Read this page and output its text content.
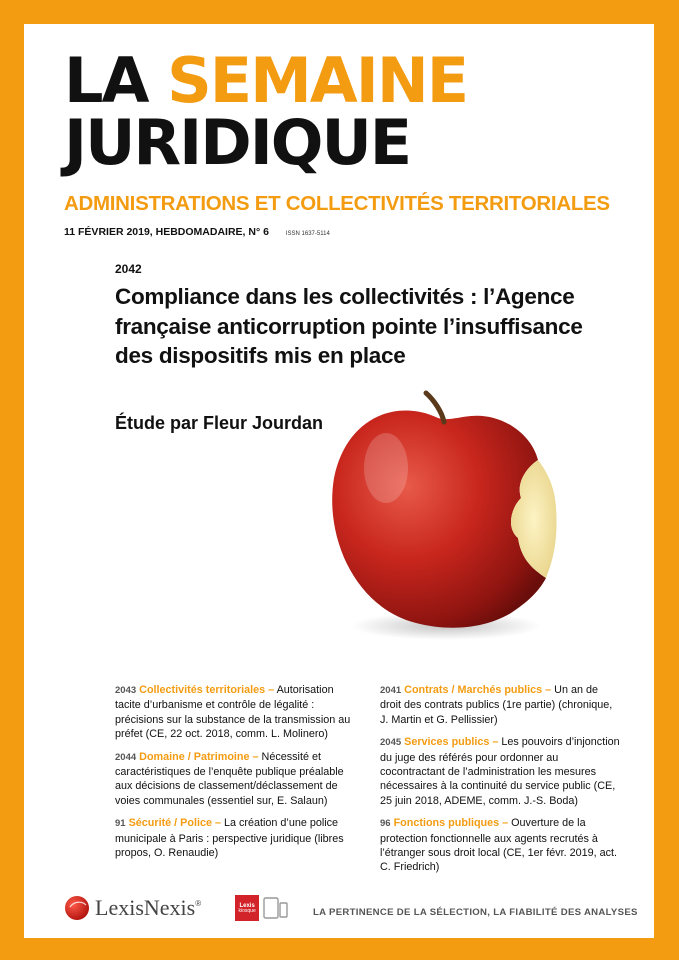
LA SEMAINE
JURIDIQUE
ADMINISTRATIONS ET COLLECTIVITÉS TERRITORIALES
11 FÉVRIER 2019, HEBDOMADAIRE, N° 6	ISSN 1637-5114
2042
Compliance dans les collectivités : l’Agence française anticorruption pointe l’insuffisance des dispositifs mis en place
Étude par Fleur Jourdan
2043 Collectivités territoriales – Autorisation tacite d’urbanisme et contrôle de légalité : précisions sur la substance de la transmission au préfet (CE, 22 oct. 2018, comm. L. Molinero)
2044 Domaine / Patrimoine – Nécessité et caractéristiques de l’enquête publique préalable aux décisions de classement/déclassement de voies communales (essentiel sur, E. Salaun)
91 Sécurité / Police – La création d’une police municipale à Paris : perspective juridique (libres propos, O. Renaudie)
2041 Contrats / Marchés publics – Un an de droit des contrats publics (1re partie) (chronique, J. Martin et G. Pellissier)
2045 Services publics – Les pouvoirs d’injonction du juge des référés pour ordonner au cocontractant de l’administration les mesures nécessaires à la continuité du service public (CE, 25 juin 2018, ADEME, comm. J.-S. Boda)
96 Fonctions publiques – Ouverture de la protection fonctionnelle aux agents recrutés à l’étranger sous droit local (CE, 1er févr. 2019, act. C. Friedrich)
LexisNexis ®	Lexis
kiosque	LA PERTINENCE DE LA SÉLECTION, LA FIABILITÉ DES ANALYSES
